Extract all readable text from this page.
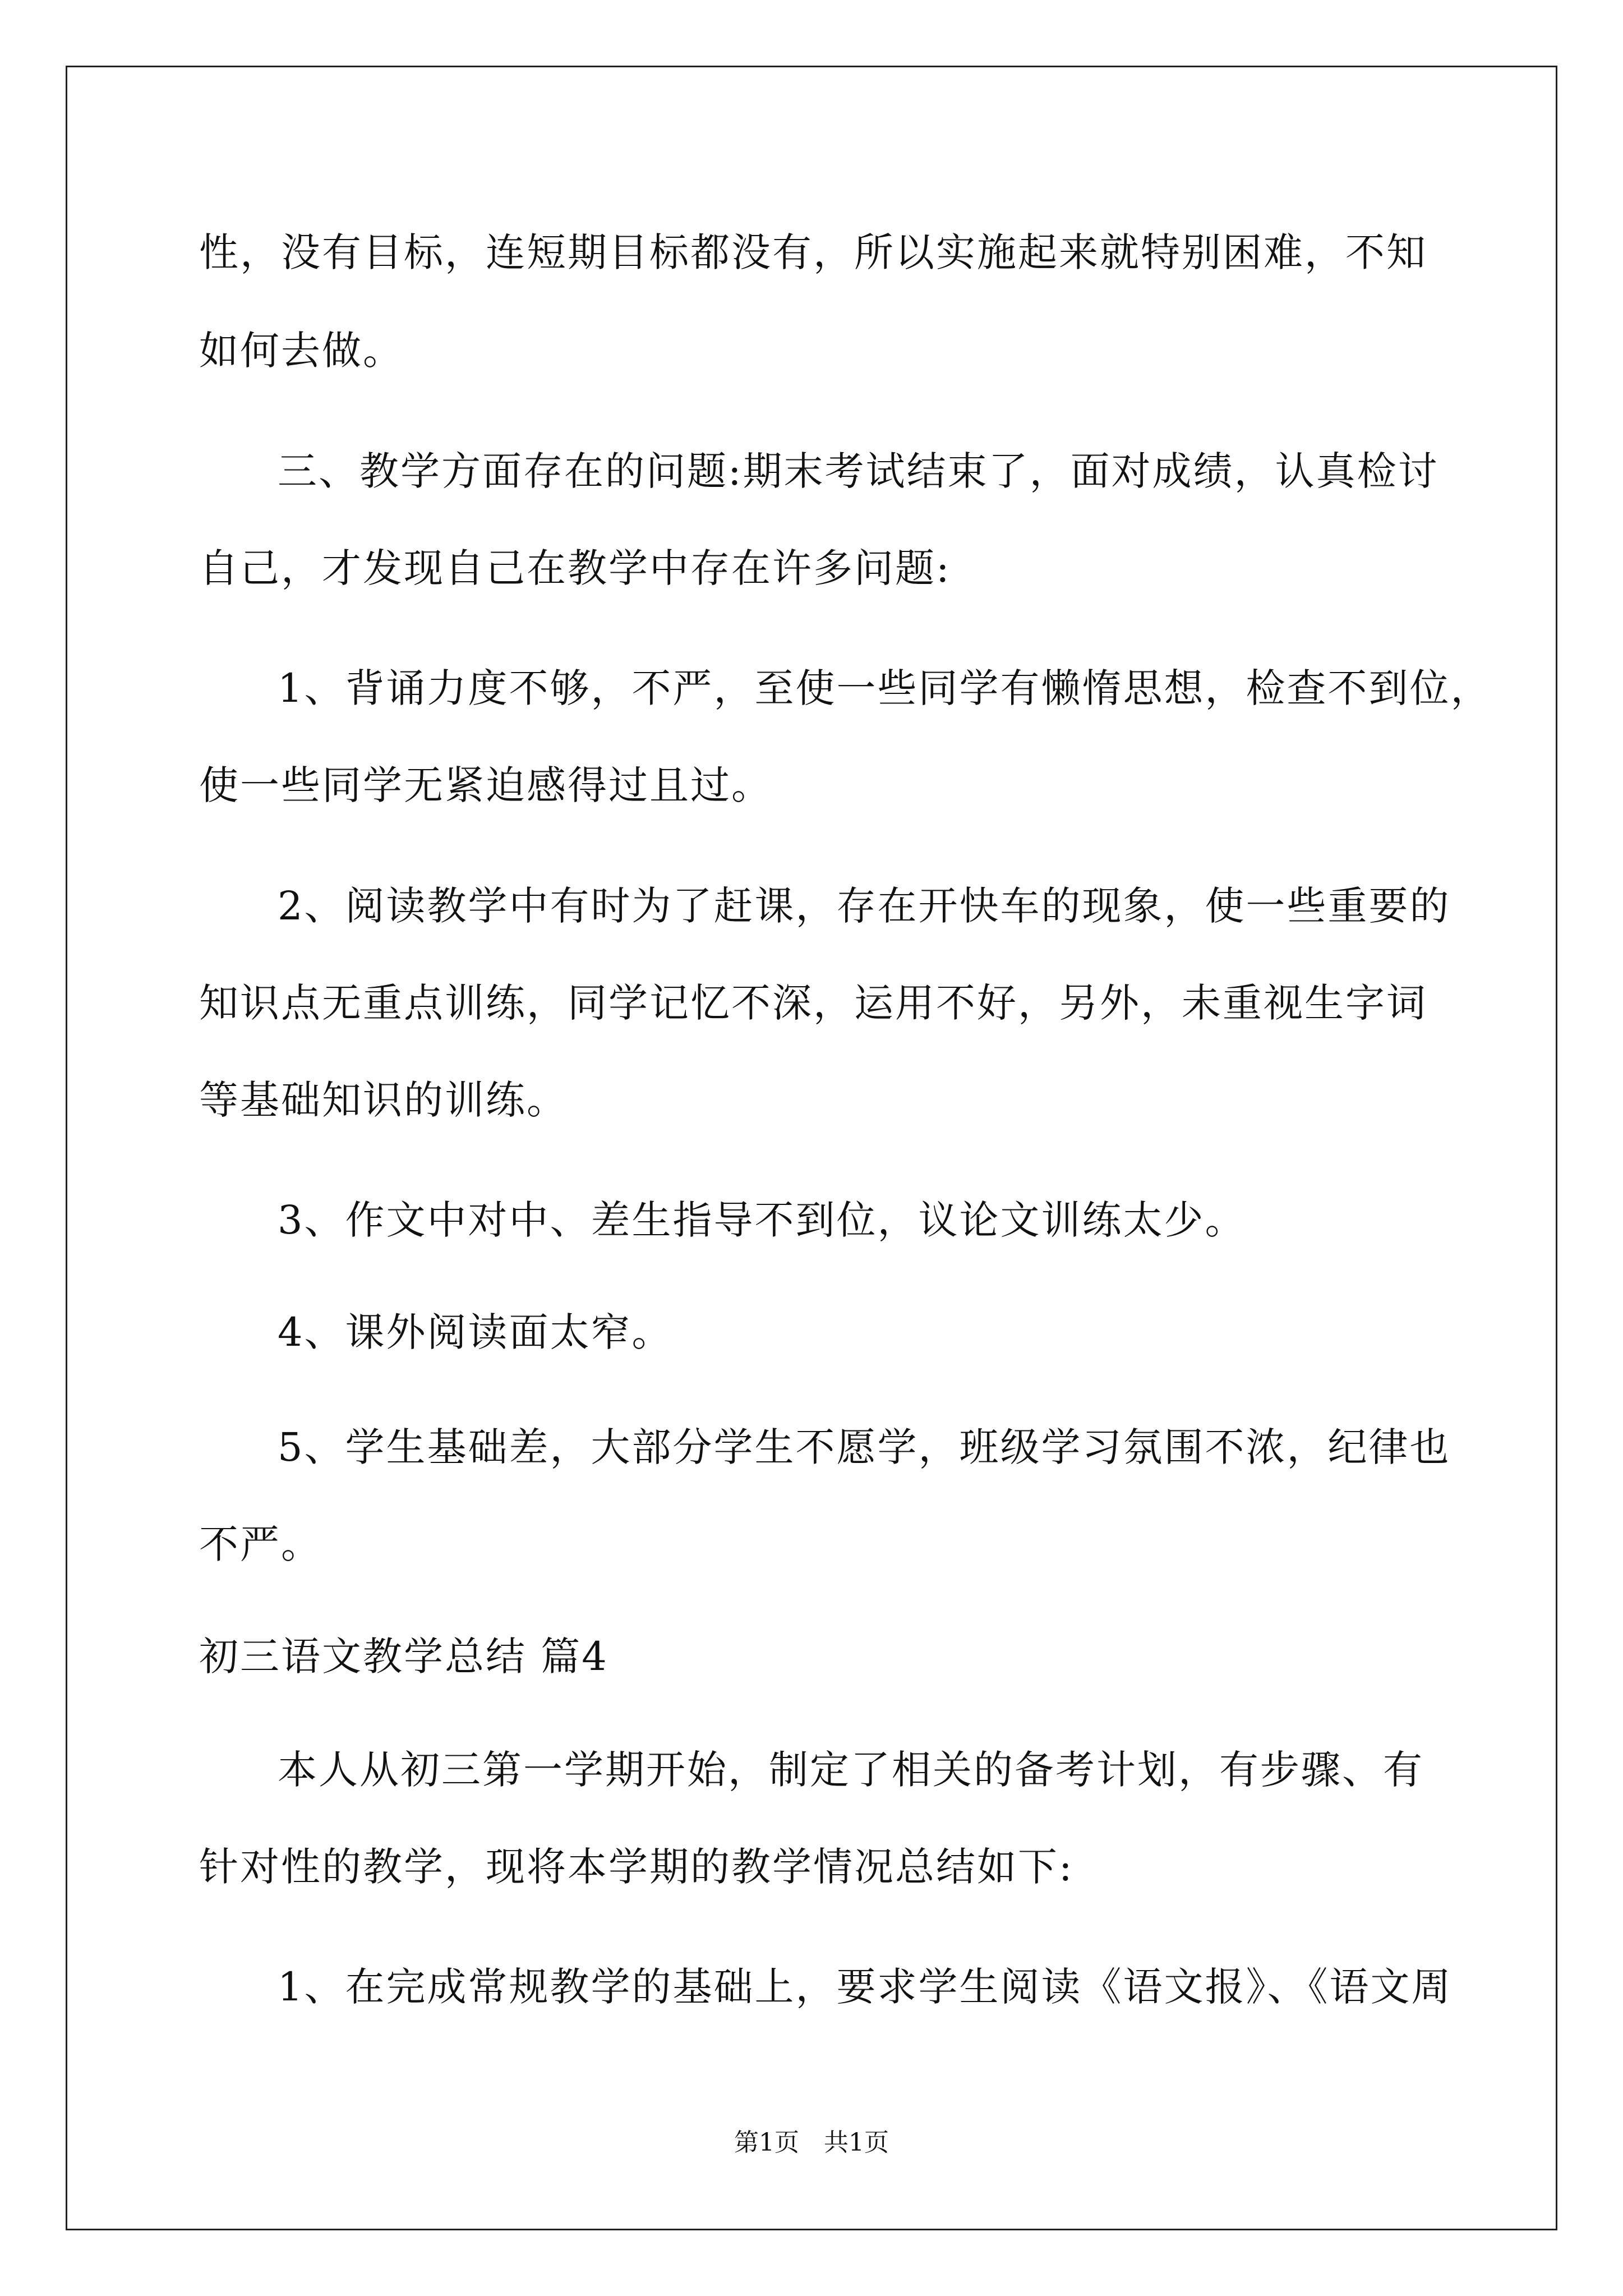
性，没有目标，连短期目标都没有，所以实施起来就特别困难，不知
如何去做。
三、教学方面存在的问题:期末考试结束了，面对成绩，认真检讨
自己，才发现自己在教学中存在许多问题:
1、背诵力度不够，不严，至使一些同学有懒惰思想，检查不到位，
使一些同学无紧迫感得过且过。
2、阅读教学中有时为了赶课，存在开快车的现象，使一些重要的
知识点无重点训练，同学记忆不深，运用不好，另外，未重视生字词
等基础知识的训练。
3、作文中对中、差生指导不到位，议论文训练太少。
4、课外阅读面太窄。
5、学生基础差，大部分学生不愿学，班级学习氛围不浓，纪律也
不严。
初三语文教学总结 篇4
本人从初三第一学期开始，制定了相关的备考计划，有步骤、有
针对性的教学，现将本学期的教学情况总结如下:
1、在完成常规教学的基础上，要求学生阅读《语文报》、《语文周
第1页　共1页
